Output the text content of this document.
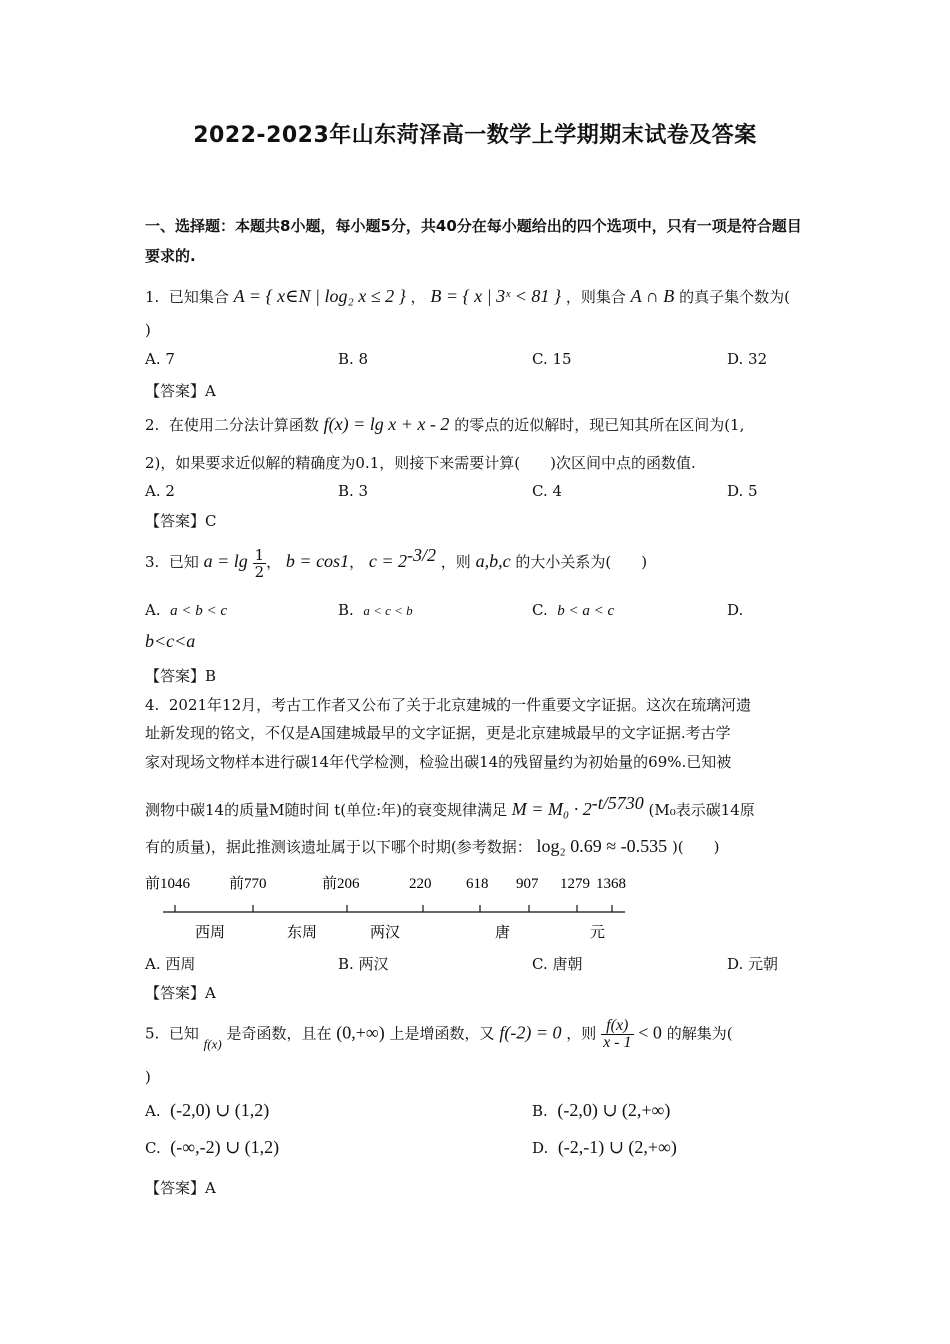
2022-2023年山东菏泽高一数学上学期期末试卷及答案
一、选择题：本题共8小题，每小题5分，共40分在每小题给出的四个选项中，只有一项是符合题目要求的.
1. 已知集合 A = { x∈N | log₂ x ≤ 2 } ， B = { x | 3ˣ < 81 } ，则集合 A ∩ B 的真子集个数为(
)
A. 7	B. 8	C. 15	D. 32
【答案】A
2. 在使用二分法计算函数 f(x) = lg x + x - 2 的零点的近似解时，现已知其所在区间为(1,
2)，如果要求近似解的精确度为0.1，则接下来需要计算(　　)次区间中点的函数值.
A. 2	B. 3	C. 4	D. 5
【答案】C
3. 已知 $a = \lg \frac{1}{2}$ ， b = cos1， $c = 2^{-3/2}$ ，则 a,b,c 的大小关系为(　　)
A. a < b < c	B. a < c < b	C. b < a < c	D.
b<c<a
【答案】B
4. 2021年12月，考古工作者又公布了关于北京建城的一件重要文字证据。这次在琉璃河遗
址新发现的铭文，不仅是A国建城最早的文字证据，更是北京建城最早的文字证据.考古学
家对现场文物样本进行碳14年代学检测，检验出碳14的残留量约为初始量的69%.已知被
测物中碳14的质量M随时间 t(单位:年)的衰变规律满足 $M = M_0 \cdot 2^{-t/5730}$ (M₀表示碳14原
有的质量)，据此推测该遗址属于以下哪个时期(参考数据： log₂ 0.69 ≈ -0.535 )(　　)
前1046	前770	前206	220 618 907 1279 1368
西周	东周	两汉	唐	元
A. 西周	B. 两汉	C. 唐朝	D. 元朝
【答案】A
5. 已知 f(x) 是奇函数，且在 (0,+∞) 上是增函数，又 f(-2) = 0 ，则 $\frac{f(x)}{x - 1} < 0$ 的解集为(
)
A. (-2,0) ∪ (1,2)	B. (-2,0) ∪ (2,+∞)
C. (-∞,-2) ∪ (1,2)	D. (-2,-1) ∪ (2,+∞)
【答案】A
